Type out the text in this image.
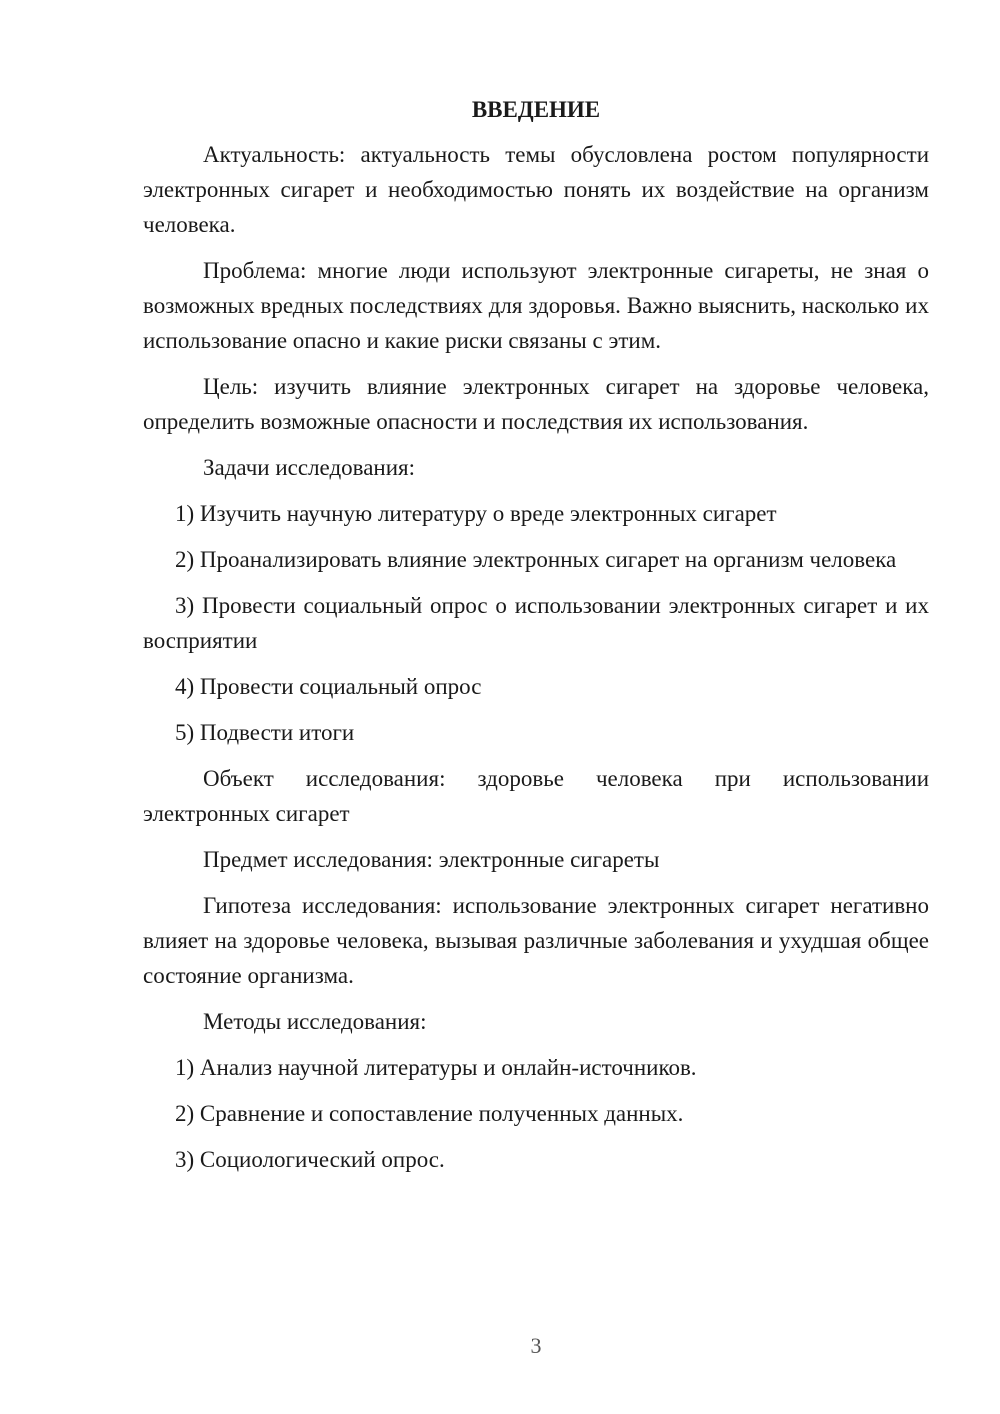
ВВЕДЕНИЕ

Актуальность: актуальность темы обусловлена ростом популярности электронных сигарет и необходимостью понять их воздействие на организм человека.

Проблема: многие люди используют электронные сигареты, не зная о возможных вредных последствиях для здоровья. Важно выяснить, насколько их использование опасно и какие риски связаны с этим.

Цель: изучить влияние электронных сигарет на здоровье человека, определить возможные опасности и последствия их использования.

Задачи исследования:

1) Изучить научную литературу о вреде электронных сигарет

2) Проанализировать влияние электронных сигарет на организм человека

3) Провести социальный опрос о использовании электронных сигарет и их восприятии

4) Провести социальный опрос

5) Подвести итоги

Объект исследования: здоровье человека при использовании электронных сигарет

Предмет исследования: электронные сигареты

Гипотеза исследования: использование электронных сигарет негативно влияет на здоровье человека, вызывая различные заболевания и ухудшая общее состояние организма.

Методы исследования:

1) Анализ научной литературы и онлайн-источников.

2) Сравнение и сопоставление полученных данных.

3) Социологический опрос.

3
